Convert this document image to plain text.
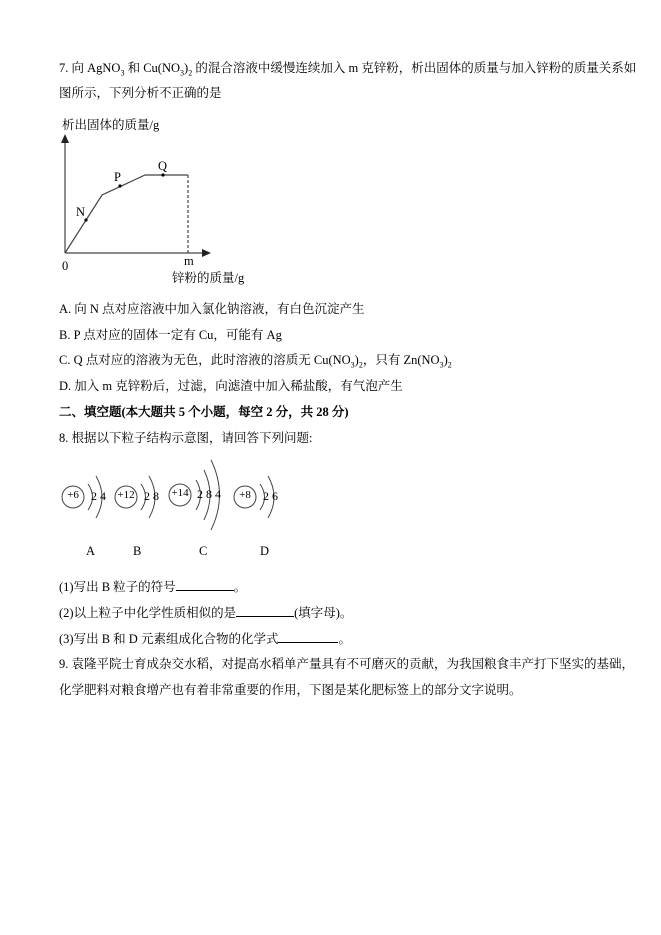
7. 向 AgNO$_3$ 和 $Cu(NO_3)_2$ 的混合溶液中缓慢连续加入 m 克锌粉，析出固体的质量与加入锌粉的质量关系如
图所示，下列分析不正确的是
析出固体的质量/g
N
P
Q
0	m
锌粉的质量/g
A. 向 N 点对应溶液中加入氯化钠溶液，有白色沉淀产生
B. P 点对应的固体一定有 Cu，可能有 Ag
C. Q 点对应的溶液为无色，此时溶液的溶质无 $Cu(NO_3)_2$，只有 $Zn(NO_3)_2$
D. 加入 m 克锌粉后，过滤，向滤渣中加入稀盐酸，有气泡产生
二、填空题(本大题共 5 个小题，每空 2 分，共 28 分)
8. 根据以下粒子结构示意图，请回答下列问题:
+6	2 4 +12 2 8 +14 2 8 4	+8	2 6
A	B	C	D
(1)写出 B 粒子的符号	。
(2)以上粒子中化学性质相似的是	(填字母)。
(3)写出 B 和 D 元素组成化合物的化学式	。
9. 袁隆平院士育成杂交水稻，对提高水稻单产量具有不可磨灭的贡献，为我国粮食丰产打下坚实的基础，
化学肥料对粮食增产也有着非常重要的作用，下图是某化肥标签上的部分文字说明。
